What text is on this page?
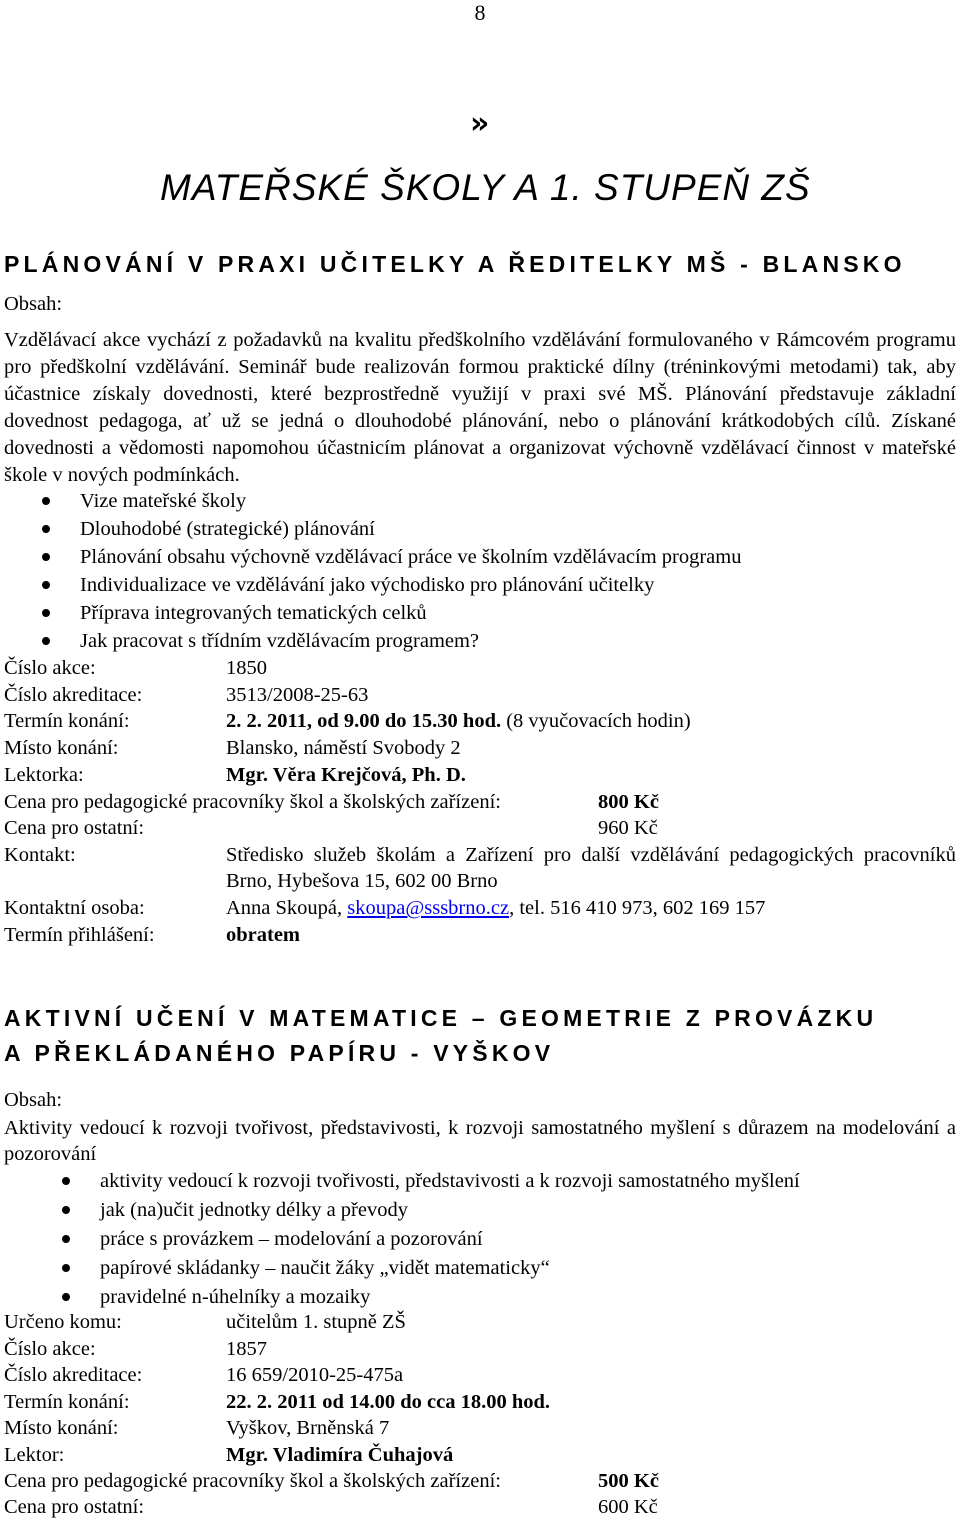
8
»
MATEŘSKÉ ŠKOLY A 1. STUPEŇ ZŠ
PLÁNOVÁNÍ V PRAXI UČITELKY A ŘEDITELKY MŠ - BLANSKO
Obsah:
Vzdělávací akce vychází z požadavků na kvalitu předškolního vzdělávání formulovaného v Rámcovém programu pro předškolní vzdělávání. Seminář bude realizován formou praktické dílny (tréninkovými metodami) tak, aby účastnice získaly dovednosti, které bezprostředně využijí v praxi své MŠ. Plánování představuje základní dovednost pedagoga, ať už se jedná o dlouhodobé plánování, nebo o plánování krátkodobých cílů. Získané dovednosti a vědomosti napomohou účastnicím plánovat a organizovat výchovně vzdělávací činnost v mateřské škole v nových podmínkách.
Vize mateřské školy
Dlouhodobé (strategické) plánování
Plánování obsahu výchovně vzdělávací práce ve školním vzdělávacím programu
Individualizace ve vzdělávání jako východisko pro plánování učitelky
Příprava integrovaných tematických celků
Jak pracovat s třídním vzdělávacím programem?
Číslo akce:	1850
Číslo akreditace:	3513/2008-25-63
Termín konání:	2. 2. 2011, od 9.00 do 15.30 hod. (8 vyučovacích hodin)
Místo konání:	Blansko, náměstí Svobody 2
Lektorka:	Mgr. Věra Krejčová, Ph. D.
Cena pro pedagogické pracovníky škol a školských zařízení:	800 Kč
Cena pro ostatní:	960 Kč
Kontakt:	Středisko služeb školám a Zařízení pro další vzdělávání pedagogických pracovníků Brno, Hybešova 15, 602 00 Brno
Kontaktní osoba:	Anna Skoupá, skoupa@sssbrno.cz, tel. 516 410 973, 602 169 157
Termín přihlášení:	obratem
AKTIVNÍ UČENÍ V MATEMATICE – GEOMETRIE Z PROVÁZKU
A PŘEKLÁDANÉHO PAPÍRU - VYŠKOV
Obsah:
Aktivity vedoucí k rozvoji tvořivost, představivosti, k rozvoji samostatného myšlení s důrazem na modelování a pozorování
aktivity vedoucí k rozvoji tvořivosti, představivosti a k rozvoji samostatného myšlení
jak (na)učit jednotky délky a převody
práce s provázkem – modelování a pozorování
papírové skládanky – naučit žáky „vidět matematicky“
pravidelné n-úhelníky a mozaiky
Určeno komu:	učitelům 1. stupně ZŠ
Číslo akce:	1857
Číslo akreditace:	16 659/2010-25-475a
Termín konání:	22. 2. 2011 od 14.00 do cca 18.00 hod.
Místo konání:	Vyškov, Brněnská 7
Lektor:	Mgr. Vladimíra Čuhajová
Cena pro pedagogické pracovníky škol a školských zařízení:	500 Kč
Cena pro ostatní:	600 Kč
